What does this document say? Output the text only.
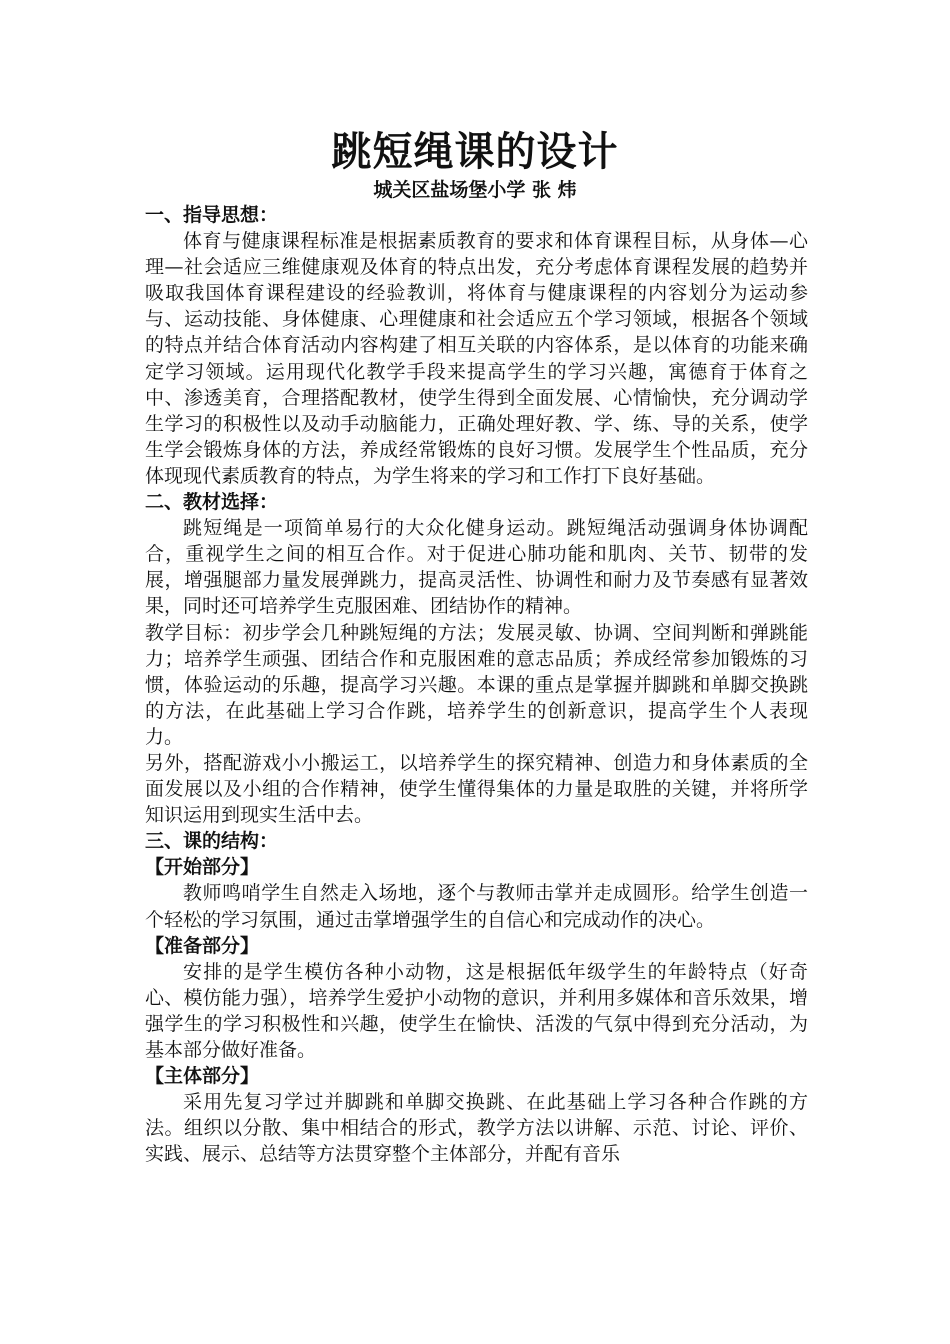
跳短绳课的设计
城关区盐场堡小学 张 炜

一、指导思想：

体育与健康课程标准是根据素质教育的要求和体育课程目标，从身体—心理—社会适应三维健康观及体育的特点出发，充分考虑体育课程发展的趋势并吸取我国体育课程建设的经验教训，将体育与健康课程的内容划分为运动参与、运动技能、身体健康、心理健康和社会适应五个学习领域，根据各个领域的特点并结合体育活动内容构建了相互关联的内容体系，是以体育的功能来确定学习领域。运用现代化教学手段来提高学生的学习兴趣，寓德育于体育之中、渗透美育，合理搭配教材，使学生得到全面发展、心情愉快，充分调动学生学习的积极性以及动手动脑能力，正确处理好教、学、练、导的关系，使学生学会锻炼身体的方法，养成经常锻炼的良好习惯。发展学生个性品质，充分体现现代素质教育的特点，为学生将来的学习和工作打下良好基础。

二、教材选择：

跳短绳是一项简单易行的大众化健身运动。跳短绳活动强调身体协调配合，重视学生之间的相互合作。对于促进心肺功能和肌肉、关节、韧带的发展，增强腿部力量发展弹跳力，提高灵活性、协调性和耐力及节奏感有显著效果，同时还可培养学生克服困难、团结协作的精神。

教学目标：初步学会几种跳短绳的方法；发展灵敏、协调、空间判断和弹跳能力；培养学生顽强、团结合作和克服困难的意志品质；养成经常参加锻炼的习惯，体验运动的乐趣，提高学习兴趣。本课的重点是掌握并脚跳和单脚交换跳的方法，在此基础上学习合作跳，培养学生的创新意识，提高学生个人表现力。

另外，搭配游戏小小搬运工，以培养学生的探究精神、创造力和身体素质的全面发展以及小组的合作精神，使学生懂得集体的力量是取胜的关键，并将所学知识运用到现实生活中去。

三、课的结构：

【开始部分】

教师鸣哨学生自然走入场地，逐个与教师击掌并走成圆形。给学生创造一个轻松的学习氛围，通过击掌增强学生的自信心和完成动作的决心。

【准备部分】

安排的是学生模仿各种小动物，这是根据低年级学生的年龄特点（好奇心、模仿能力强），培养学生爱护小动物的意识，并利用多媒体和音乐效果，增强学生的学习积极性和兴趣，使学生在愉快、活泼的气氛中得到充分活动，为基本部分做好准备。

【主体部分】

采用先复习学过并脚跳和单脚交换跳、在此基础上学习各种合作跳的方法。组织以分散、集中相结合的形式，教学方法以讲解、示范、讨论、评价、实践、展示、总结等方法贯穿整个主体部分，并配有音乐
